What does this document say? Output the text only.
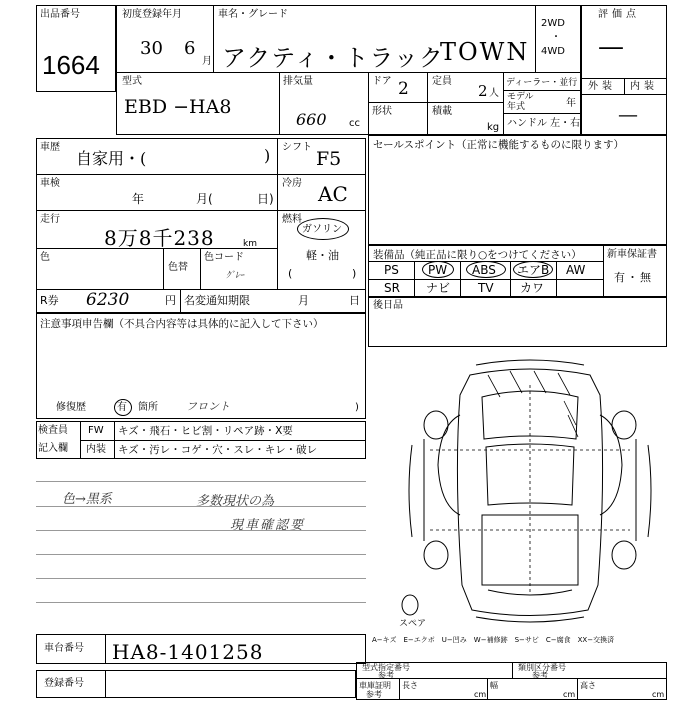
出品番号
1664
初度登録年月
30 6
月
車名・グレード
アクティ・トラック
TOWN
2WD
・
4WD
評価点
—
型式
EBD −HA8
排気量
660 cc
ドア 2 定員
2 人
形状	積載
kg
ディーラー・並行
モデル年式	年
ハンドル 左・右
外装 内装
—
車歴
自家用・(	) シフト
F5
車検
年	月(	日)
冷房 AC
走行
8万8千238	km
燃料
ガソリン
軽・油
(	)
色
色替
色コード
ｸﾞﾚｰ
R券 6230	円 名変通知期限	月	日
注意事項申告欄（不具合内容等は具体的に記入して下さい）
修復歴	有 箇所	フロント	)
セールスポイント（正常に機能するものに限ります）
装備品（純正品に限り○をつけてください）
PS PW ABS エアB AW
SR ナビ TV カワ
新車保証書
有・無
後日品
検査員
記入欄
FW キズ・飛石・ヒビ割・リペア跡・X要
内装 キズ・汚レ・コゲ・穴・スレ・キレ・破レ
色→黒系	多数現状の為
現車確認要
スペア
A−キズ　E−エクボ　U−凹み　W−補修跡　S−サビ　C−腐食　XX−交換済
車台番号 HA8-1401258
登録番号
型式指定番号
参考
類別区分番号
参考
車庫証明
参考
長さ
cm
幅
cm
高さ
cm
